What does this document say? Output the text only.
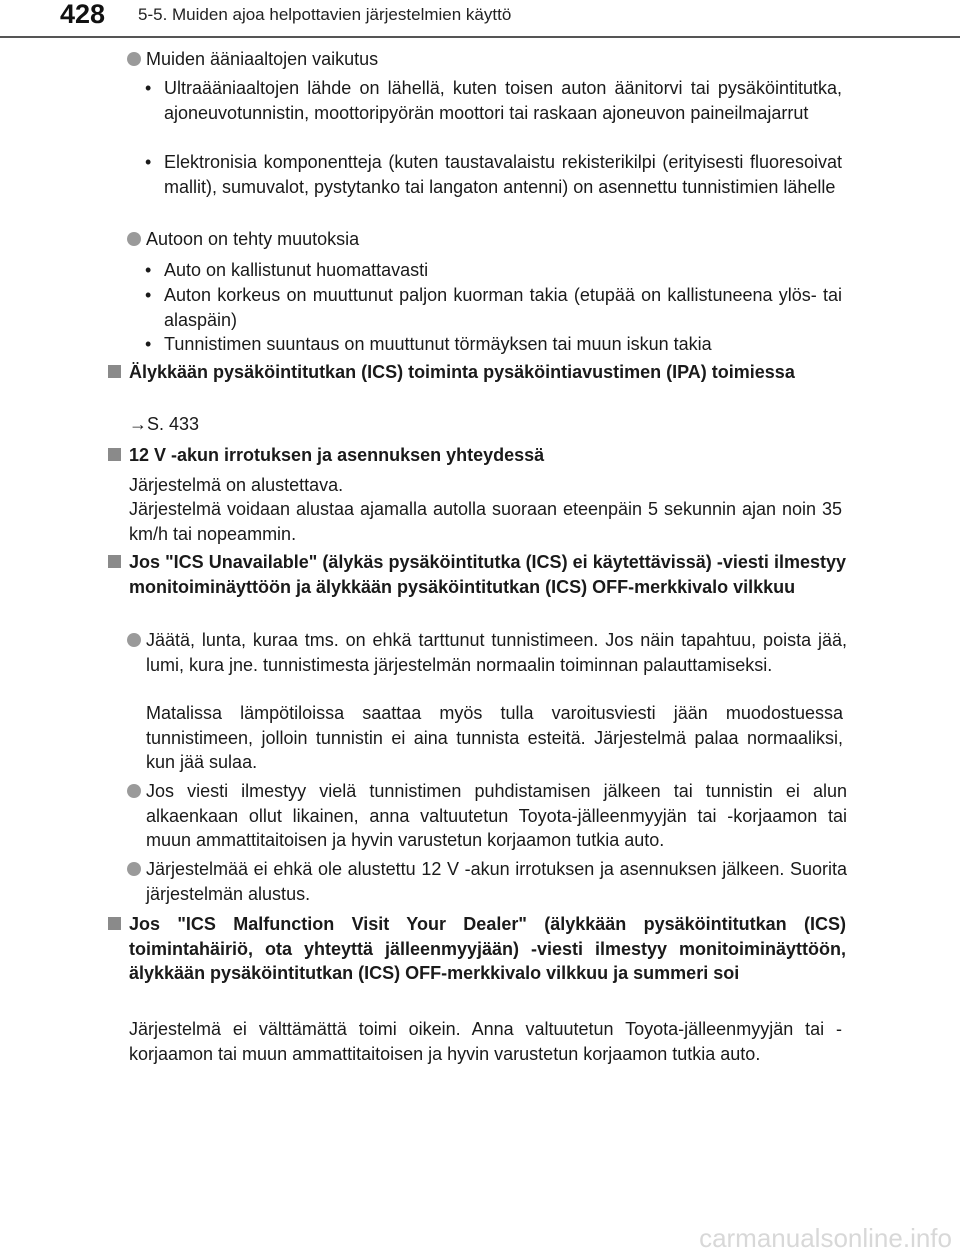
428 5-5. Muiden ajoa helpottavien järjestelmien käyttö
Muiden ääniaaltojen vaikutus
• Ultraääniaaltojen lähde on lähellä, kuten toisen auton äänitorvi tai pysäköintitutka, ajoneuvotunnistin, moottoripyörän moottori tai raskaan ajoneuvon paineilmajarrut
• Elektronisia komponentteja (kuten taustavalaistu rekisterikilpi (erityisesti fluoresoivat mallit), sumuvalot, pystytanko tai langaton antenni) on asennettu tunnistimien lähelle
Autoon on tehty muutoksia
• Auto on kallistunut huomattavasti
• Auton korkeus on muuttunut paljon kuorman takia (etupää on kallistuneena ylös- tai alaspäin)
• Tunnistimen suuntaus on muuttunut törmäyksen tai muun iskun takia
Älykkään pysäköintitutkan (ICS) toiminta pysäköintiavustimen (IPA) toimiessa
→S. 433
12 V -akun irrotuksen ja asennuksen yhteydessä
Järjestelmä on alustettava.
Järjestelmä voidaan alustaa ajamalla autolla suoraan eteenpäin 5 sekunnin ajan noin 35 km/h tai nopeammin.
Jos "ICS Unavailable" (älykäs pysäköintitutka (ICS) ei käytettävissä) -viesti ilmestyy monitoiminäyttöön ja älykkään pysäköintitutkan (ICS) OFF-merkkivalo vilkkuu
Jäätä, lunta, kuraa tms. on ehkä tarttunut tunnistimeen. Jos näin tapahtuu, poista jää, lumi, kura jne. tunnistimesta järjestelmän normaalin toiminnan palauttamiseksi.
Matalissa lämpötiloissa saattaa myös tulla varoitusviesti jään muodostuessa tunnistimeen, jolloin tunnistin ei aina tunnista esteitä. Järjestelmä palaa normaaliksi, kun jää sulaa.
Jos viesti ilmestyy vielä tunnistimen puhdistamisen jälkeen tai tunnistin ei alun alkaenkaan ollut likainen, anna valtuutetun Toyota-jälleenmyyjän tai -korjaamon tai muun ammattitaitoisen ja hyvin varustetun korjaamon tutkia auto.
Järjestelmää ei ehkä ole alustettu 12 V -akun irrotuksen ja asennuksen jälkeen. Suorita järjestelmän alustus.
Jos "ICS Malfunction Visit Your Dealer" (älykkään pysäköintitutkan (ICS) toimintahäiriö, ota yhteyttä jälleenmyyjään) -viesti ilmestyy monitoiminäyttöön, älykkään pysäköintitutkan (ICS) OFF-merkkivalo vilkkuu ja summeri soi
Järjestelmä ei välttämättä toimi oikein. Anna valtuutetun Toyota-jälleenmyyjän tai -korjaamon tai muun ammattitaitoisen ja hyvin varustetun korjaamon tutkia auto.
carmanualsonline.info
